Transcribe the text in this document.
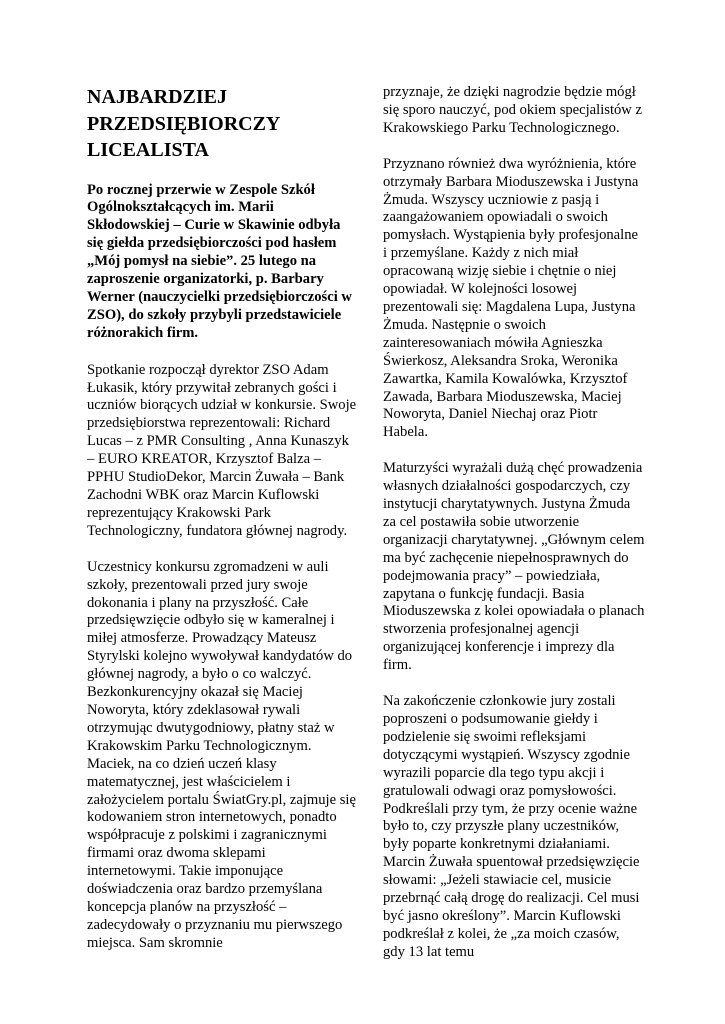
NAJBARDZIEJ
PRZEDSIĘBIORCZY
LICEALISTA

Po rocznej przerwie w Zespole Szkół Ogólnokształcących im. Marii Skłodowskiej – Curie w Skawinie odbyła się giełda przedsiębiorczości pod hasłem „Mój pomysł na siebie”. 25 lutego na zaproszenie organizatorki, p. Barbary Werner (nauczycielki przedsiębiorczości w ZSO), do szkoły przybyli przedstawiciele różnorakich firm.

Spotkanie rozpoczął dyrektor ZSO Adam Łukasik, który przywitał zebranych gości i uczniów biorących udział w konkursie. Swoje przedsiębiorstwa reprezentowali: Richard Lucas – z PMR Consulting , Anna Kunaszyk – EURO KREATOR, Krzysztof Balza – PPHU StudioDekor, Marcin Żuwała – Bank Zachodni WBK oraz Marcin Kuflowski reprezentujący Krakowski Park Technologiczny, fundatora głównej nagrody.

Uczestnicy konkursu zgromadzeni w auli szkoły, prezentowali przed jury swoje dokonania i plany na przyszłość. Całe przedsięwzięcie odbyło się w kameralnej i miłej atmosferze. Prowadzący Mateusz Styrylski kolejno wywoływał kandydatów do głównej nagrody, a było o co walczyć. Bezkonkurencyjny okazał się Maciej Noworyta, który zdeklasował rywali otrzymując dwutygodniowy, płatny staż w Krakowskim Parku Technologicznym. Maciek, na co dzień uczeń klasy matematycznej, jest właścicielem i założycielem portalu ŚwiatGry.pl, zajmuje się kodowaniem stron internetowych, ponadto współpracuje z polskimi i zagranicznymi firmami oraz dwoma sklepami internetowymi. Takie imponujące doświadczenia oraz bardzo przemyślana koncepcja planów na przyszłość – zadecydowały o przyznaniu mu pierwszego miejsca. Sam skromnie

przyznaje, że dzięki nagrodzie będzie mógł się sporo nauczyć, pod okiem specjalistów z Krakowskiego Parku Technologicznego.

Przyznano również dwa wyróżnienia, które otrzymały Barbara Mioduszewska i Justyna Żmuda. Wszyscy uczniowie z pasją i zaangażowaniem opowiadali o swoich pomysłach. Wystąpienia były profesjonalne i przemyślane. Każdy z nich miał opracowaną wizję siebie i chętnie o niej opowiadał. W kolejności losowej prezentowali się: Magdalena Lupa, Justyna Żmuda. Następnie o swoich zainteresowaniach mówiła Agnieszka Świerkosz, Aleksandra Sroka, Weronika Zawartka, Kamila Kowalówka, Krzysztof Zawada, Barbara Mioduszewska, Maciej Noworyta, Daniel Niechaj oraz Piotr Habela.

Maturzyści wyrażali dużą chęć prowadzenia własnych działalności gospodarczych, czy instytucji charytatywnych. Justyna Żmuda za cel postawiła sobie utworzenie organizacji charytatywnej. „Głównym celem ma być zachęcenie niepełnosprawnych do podejmowania pracy” – powiedziała, zapytana o funkcję fundacji. Basia Mioduszewska z kolei opowiadała o planach stworzenia profesjonalnej agencji organizującej konferencje i imprezy dla firm.

Na zakończenie członkowie jury zostali poproszeni o podsumowanie giełdy i podzielenie się swoimi refleksjami dotyczącymi wystąpień. Wszyscy zgodnie wyrazili poparcie dla tego typu akcji i gratulowali odwagi oraz pomysłowości. Podkreślali przy tym, że przy ocenie ważne było to, czy przyszłe plany uczestników, były poparte konkretnymi działaniami. Marcin Żuwała spuentował przedsięwzięcie słowami: „Jeżeli stawiacie cel, musicie przebrnąć całą drogę do realizacji. Cel musi być jasno określony”. Marcin Kuflowski podkreślał z kolei, że „za moich czasów, gdy 13 lat temu
